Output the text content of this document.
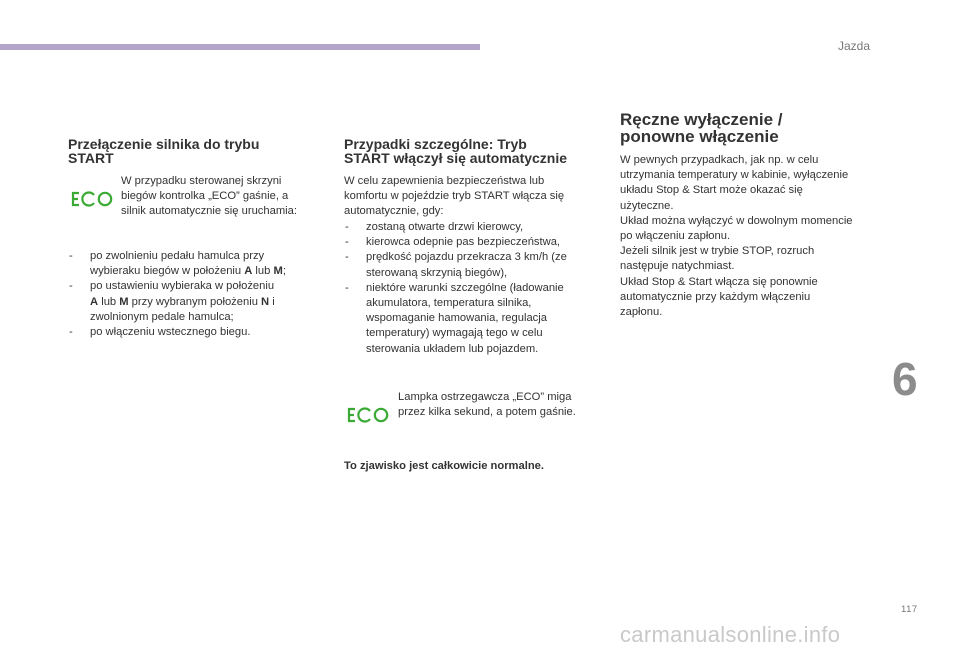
Jazda
Przełączenie silnika do trybu
START

W przypadku sterowanej skrzyni
biegów kontrolka „ECO” gaśnie, a
silnik automatycznie się uruchamia:

- po zwolnieniu pedału hamulca przy
wybieraku biegów w położeniu A lub M;
- po ustawieniu wybieraka w położeniu
A lub M przy wybranym położeniu N i
zwolnionym pedale hamulca;
- po włączeniu wstecznego biegu.
Przypadki szczególne: Tryb
START włączył się automatycznie

W celu zapewnienia bezpieczeństwa lub
komfortu w pojeździe tryb START włącza się
automatycznie, gdy:

- zostaną otwarte drzwi kierowcy,
- kierowca odepnie pas bezpieczeństwa,
- prędkość pojazdu przekracza 3 km/h (ze
sterowaną skrzynią biegów),
- niektóre warunki szczególne (ładowanie
akumulatora, temperatura silnika,
wspomaganie hamowania, regulacja
temperatury) wymagają tego w celu
sterowania układem lub pojazdem.

Lampka ostrzegawcza „ECO” miga
przez kilka sekund, a potem gaśnie.

To zjawisko jest całkowicie normalne.

Ręczne wyłączenie /
ponowne włączenie

W pewnych przypadkach, jak np. w celu
utrzymania temperatury w kabinie, wyłączenie
układu Stop & Start może okazać się
użyteczne.
Układ można wyłączyć w dowolnym momencie
po włączeniu zapłonu.
Jeżeli silnik jest w trybie STOP, rozruch
następuje natychmiast.
Układ Stop & Start włącza się ponownie
automatycznie przy każdym włączeniu
zapłonu.

6
117
carmanualsonline.info
